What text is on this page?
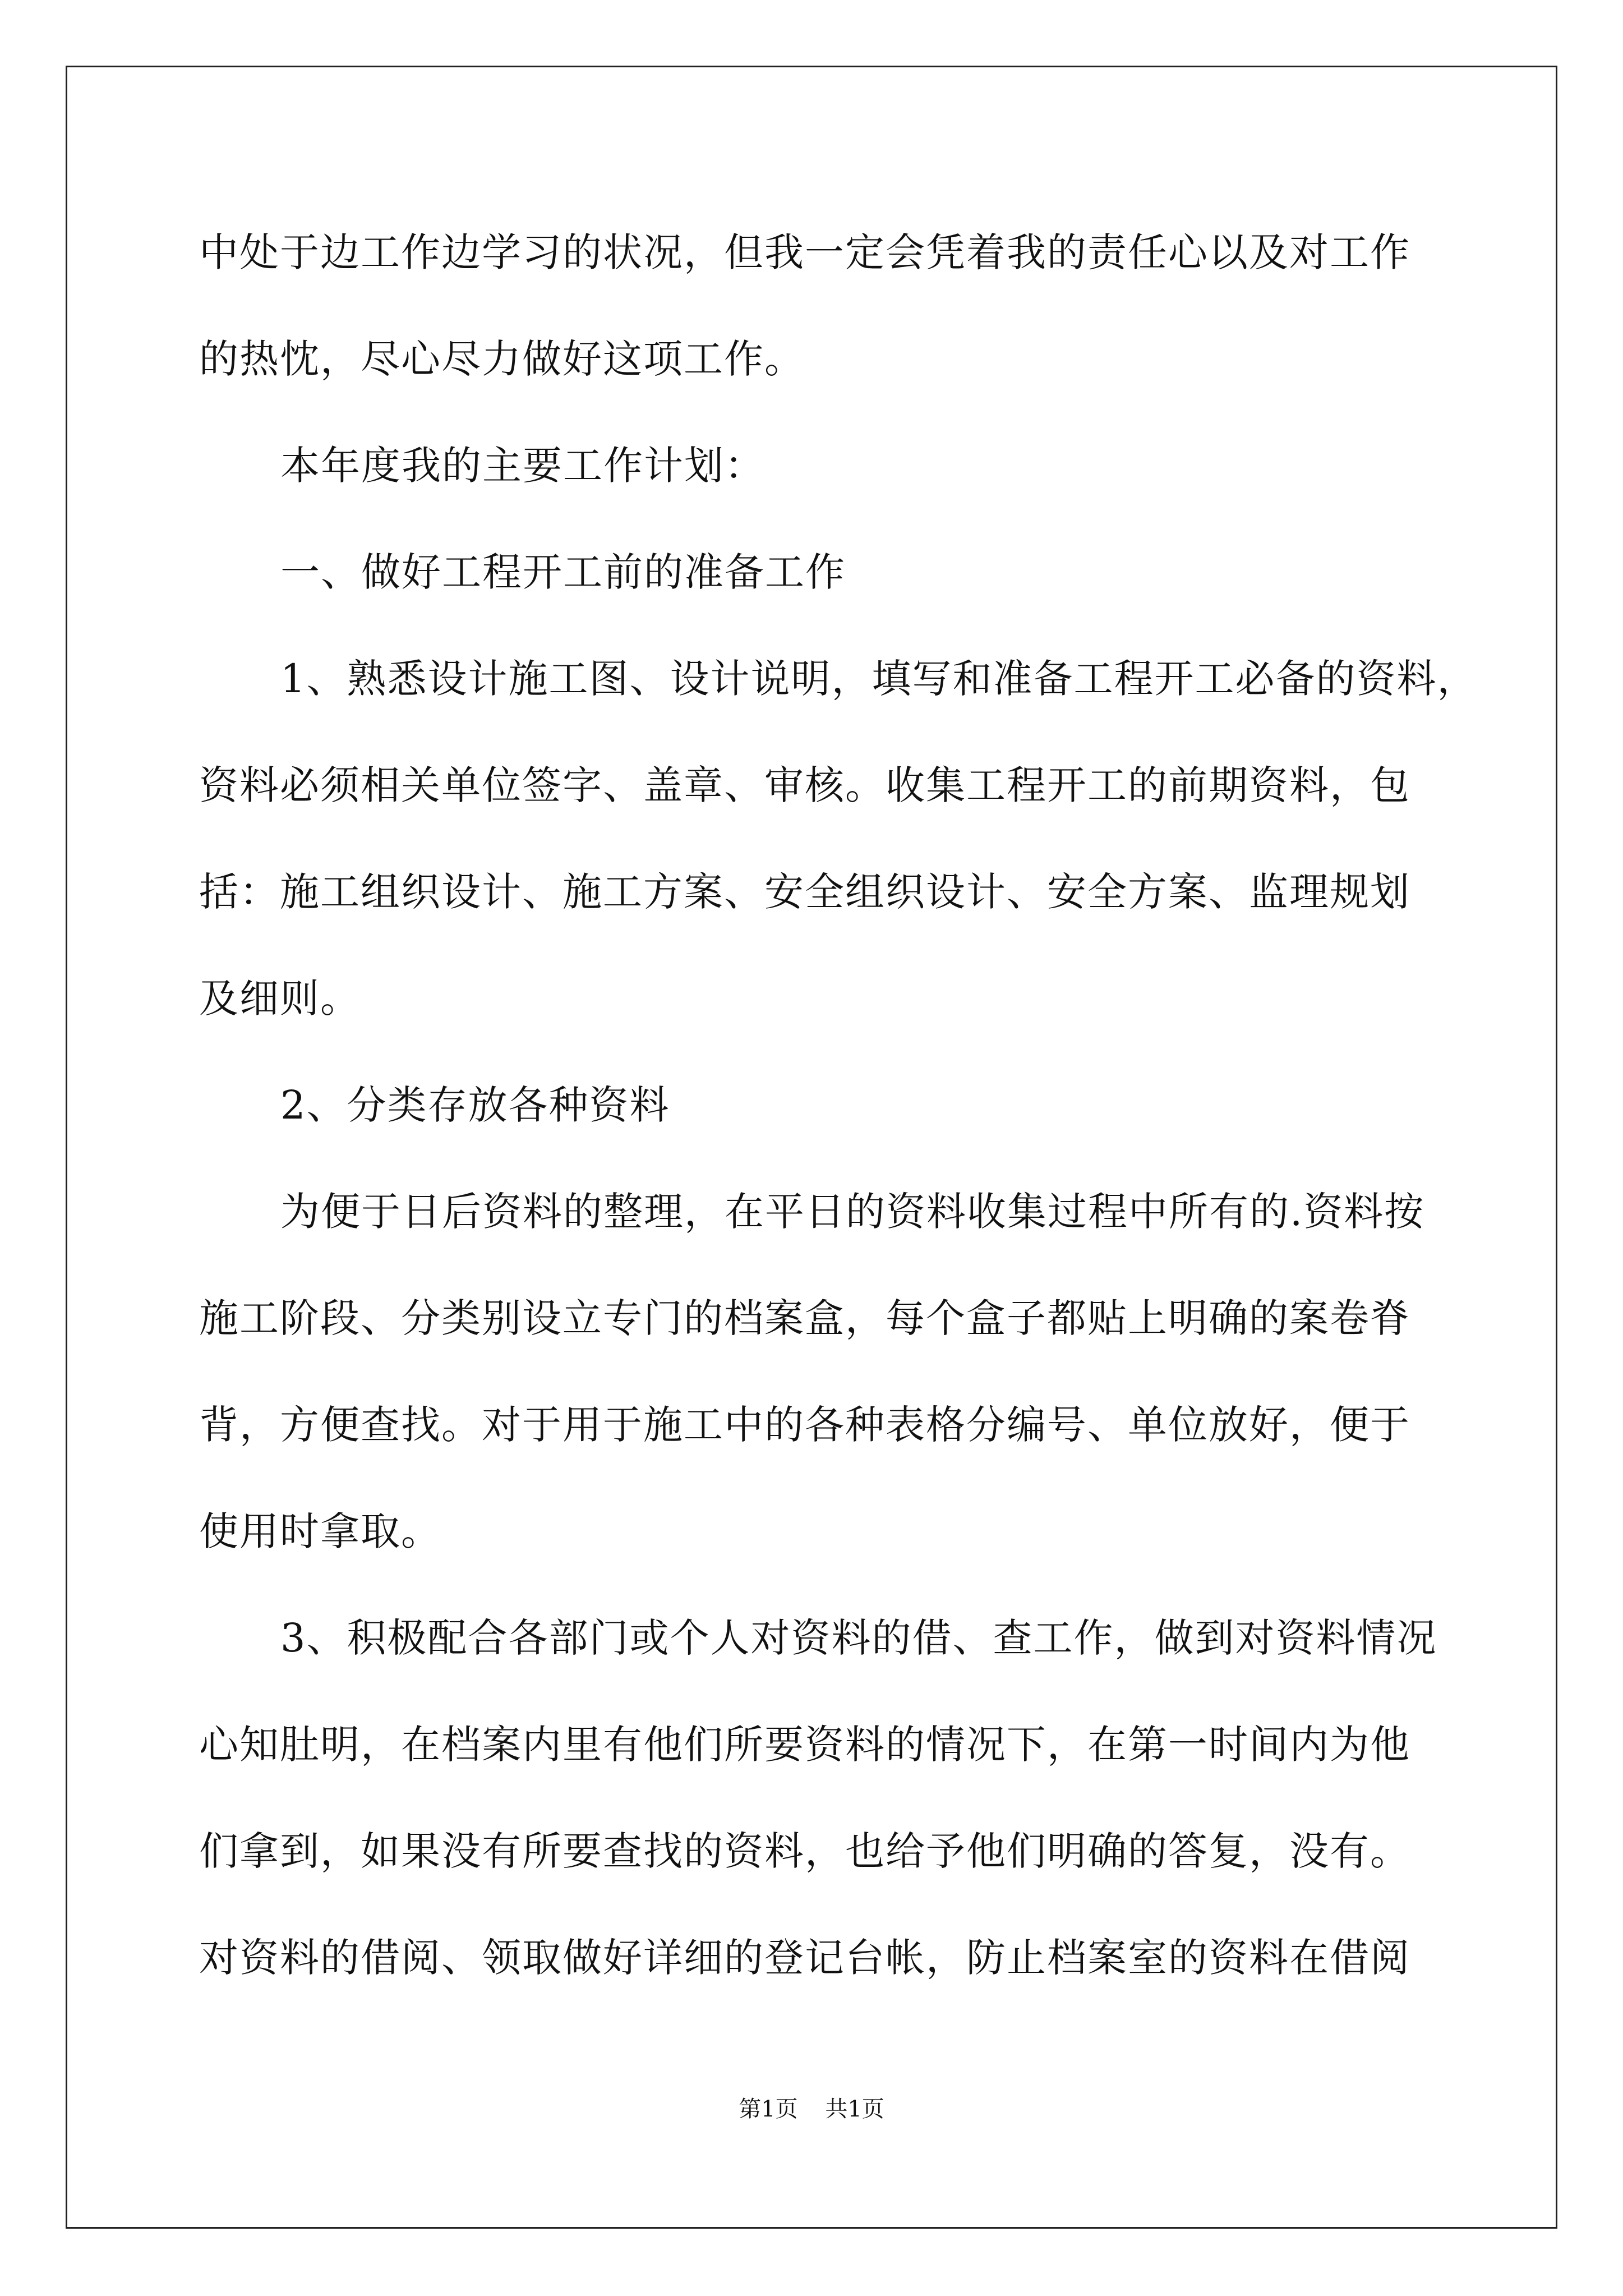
中处于边工作边学习的状况，但我一定会凭着我的责任心以及对工作
的热忱，尽心尽力做好这项工作。
本年度我的主要工作计划：
一、做好工程开工前的准备工作
1、熟悉设计施工图、设计说明，填写和准备工程开工必备的资料，
资料必须相关单位签字、盖章、审核。收集工程开工的前期资料，包
括：施工组织设计、施工方案、安全组织设计、安全方案、监理规划
及细则。
2、分类存放各种资料
为便于日后资料的整理，在平日的资料收集过程中所有的.资料按
施工阶段、分类别设立专门的档案盒，每个盒子都贴上明确的案卷脊
背，方便查找。对于用于施工中的各种表格分编号、单位放好，便于
使用时拿取。
3、积极配合各部门或个人对资料的借、查工作，做到对资料情况
心知肚明，在档案内里有他们所要资料的情况下，在第一时间内为他
们拿到，如果没有所要查找的资料，也给予他们明确的答复，没有。
对资料的借阅、领取做好详细的登记台帐，防止档案室的资料在借阅
第1页 共1页
